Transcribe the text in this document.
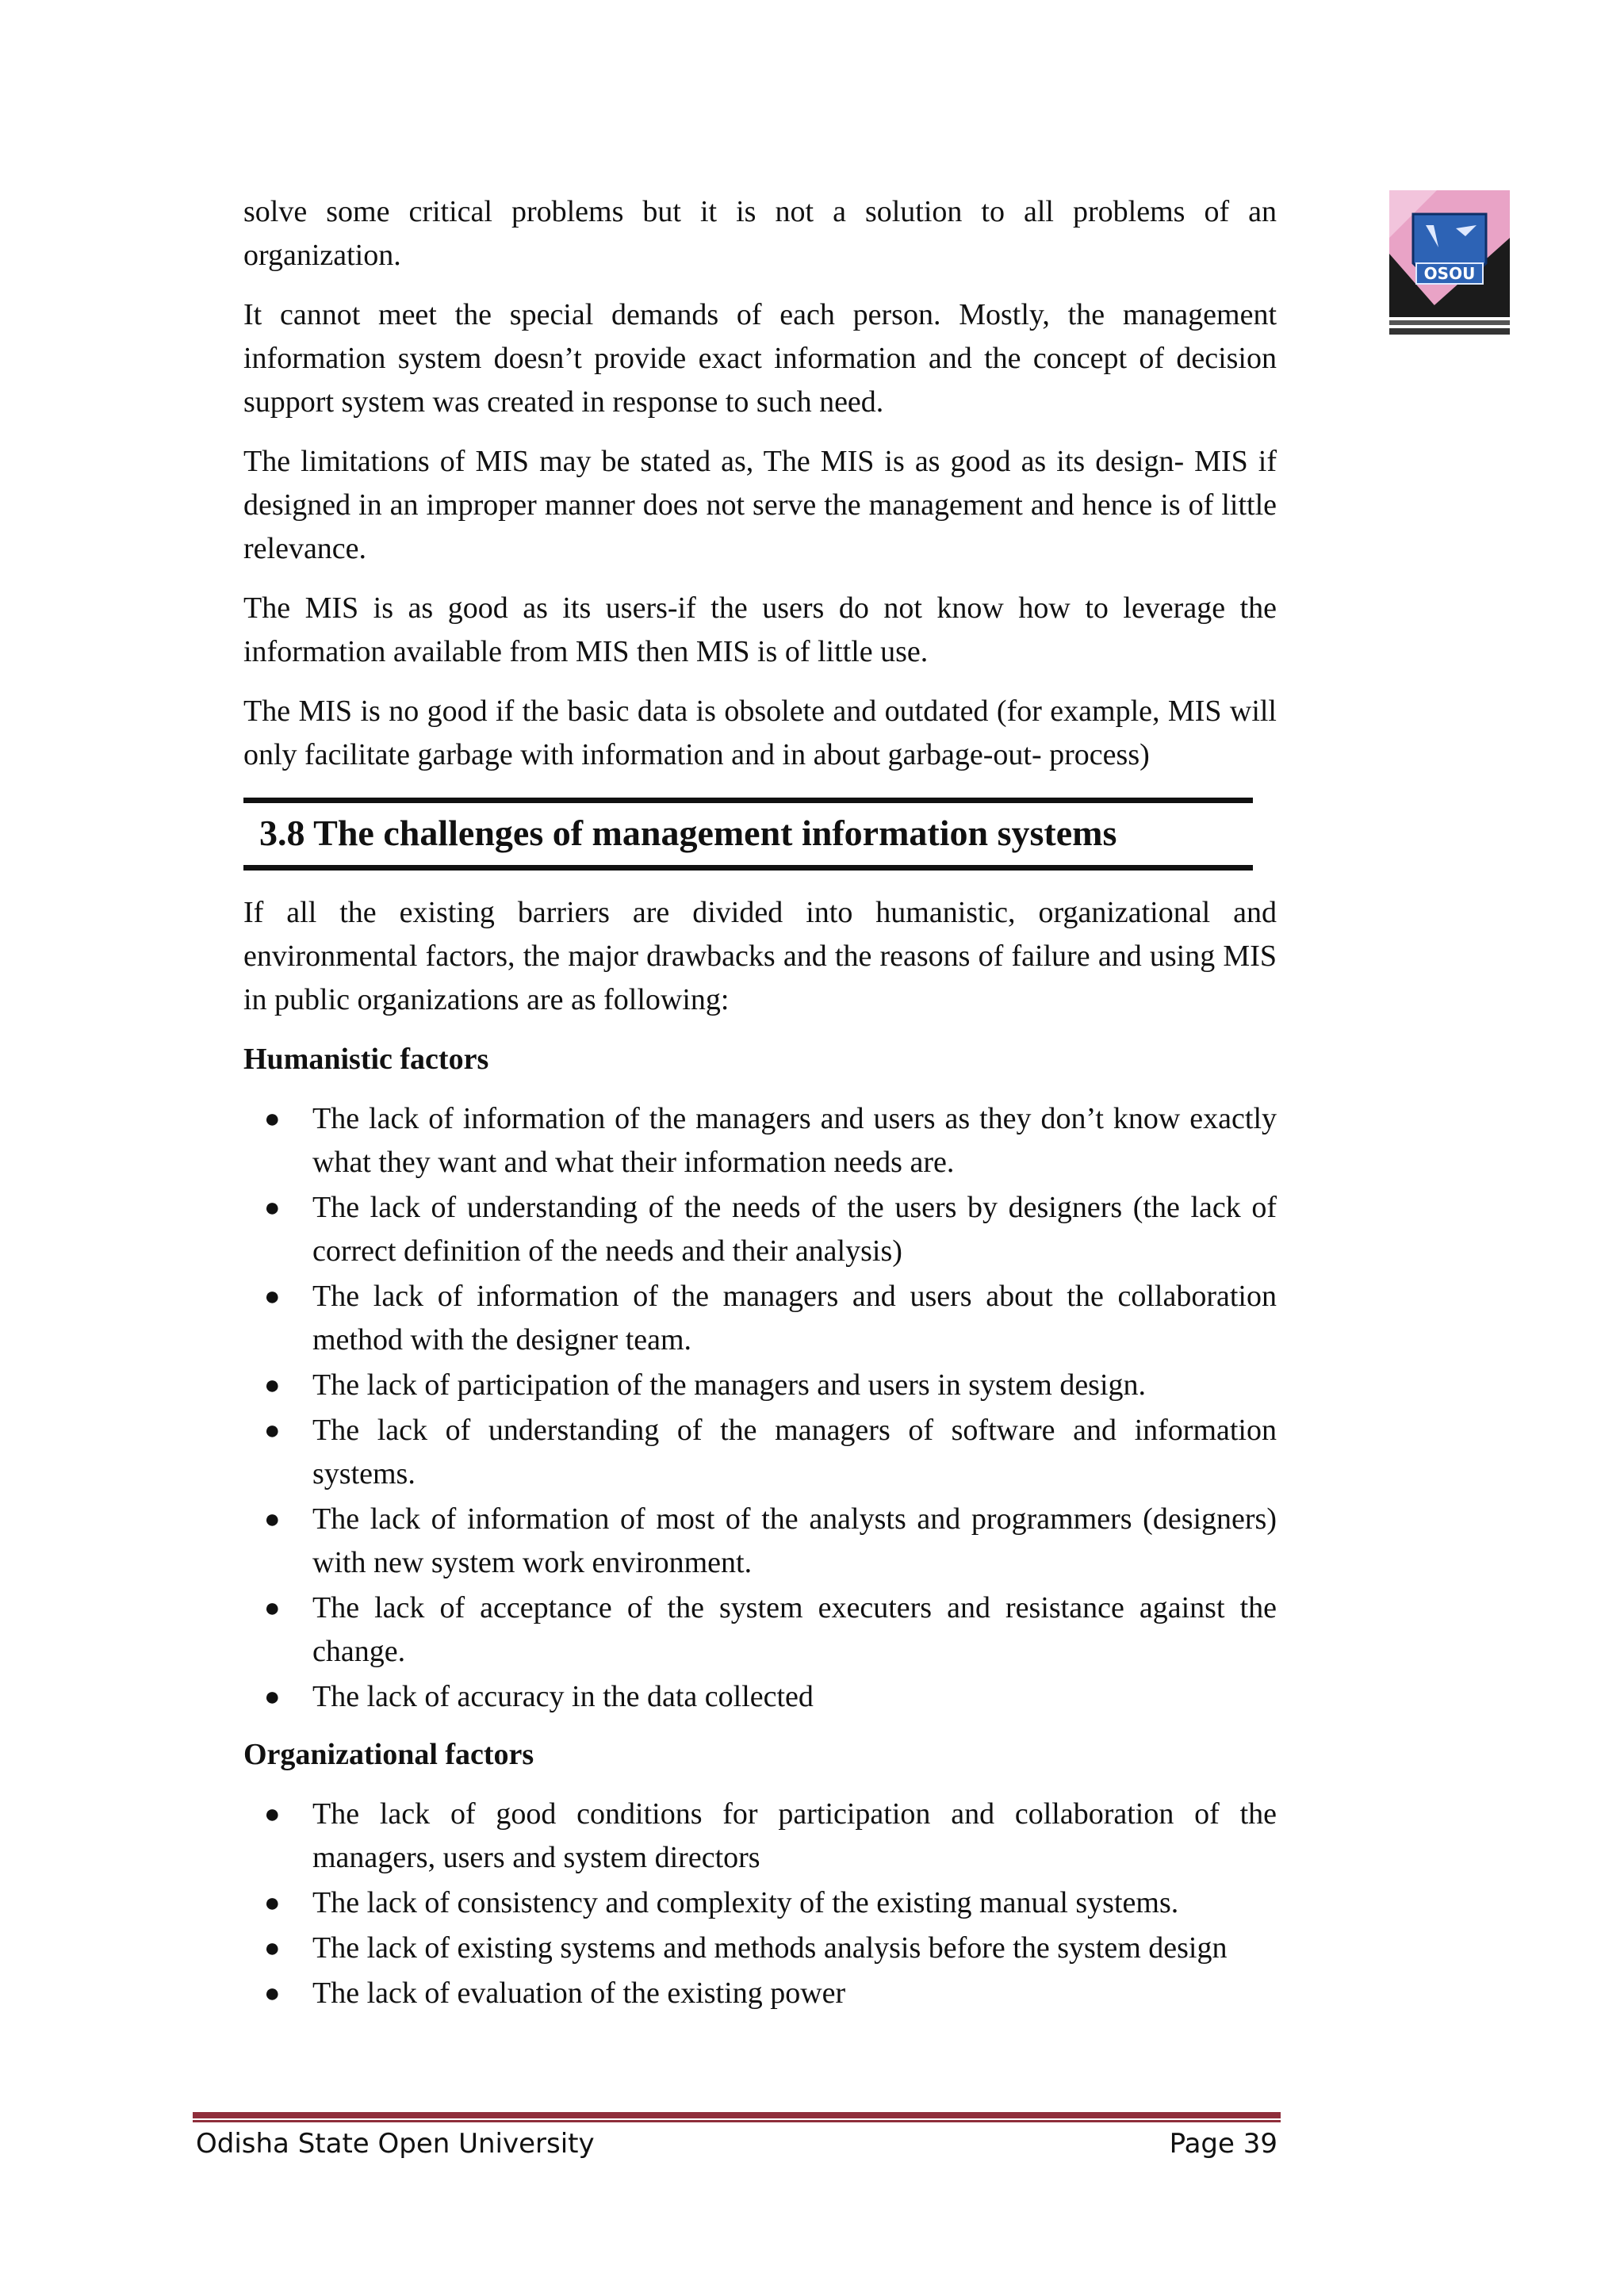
OSOU

solve some critical problems but it is not a solution to all problems of an organization.

It cannot meet the special demands of each person. Mostly, the management information system doesn’t provide exact information and the concept of decision support system was created in response to such need.

The limitations of MIS may be stated as, The MIS is as good as its design- MIS if designed in an improper manner does not serve the management and hence is of little relevance.

The MIS is as good as its users-if the users do not know how to leverage the information available from MIS then MIS is of little use.

The MIS is no good if the basic data is obsolete and outdated (for example, MIS will only facilitate garbage with information and in about garbage-out- process)

3.8 The challenges of management information systems

If all the existing barriers are divided into humanistic, organizational and environmental factors, the major drawbacks and the reasons of failure and using MIS in public organizations are as following:

Humanistic factors
● The lack of information of the managers and users as they don’t know exactly what they want and what their information needs are.
● The lack of understanding of the needs of the users by designers (the lack of correct definition of the needs and their analysis)
● The lack of information of the managers and users about the collaboration method with the designer team.
● The lack of participation of the managers and users in system design.
● The lack of understanding of the managers of software and information systems.
● The lack of information of most of the analysts and programmers (designers) with new system work environment.
● The lack of acceptance of the system executers and resistance against the change.
● The lack of accuracy in the data collected
Organizational factors
● The lack of good conditions for participation and collaboration of the managers, users and system directors
● The lack of consistency and complexity of the existing manual systems.
● The lack of existing systems and methods analysis before the system design
● The lack of evaluation of the existing power
Odisha State Open University	Page 39
